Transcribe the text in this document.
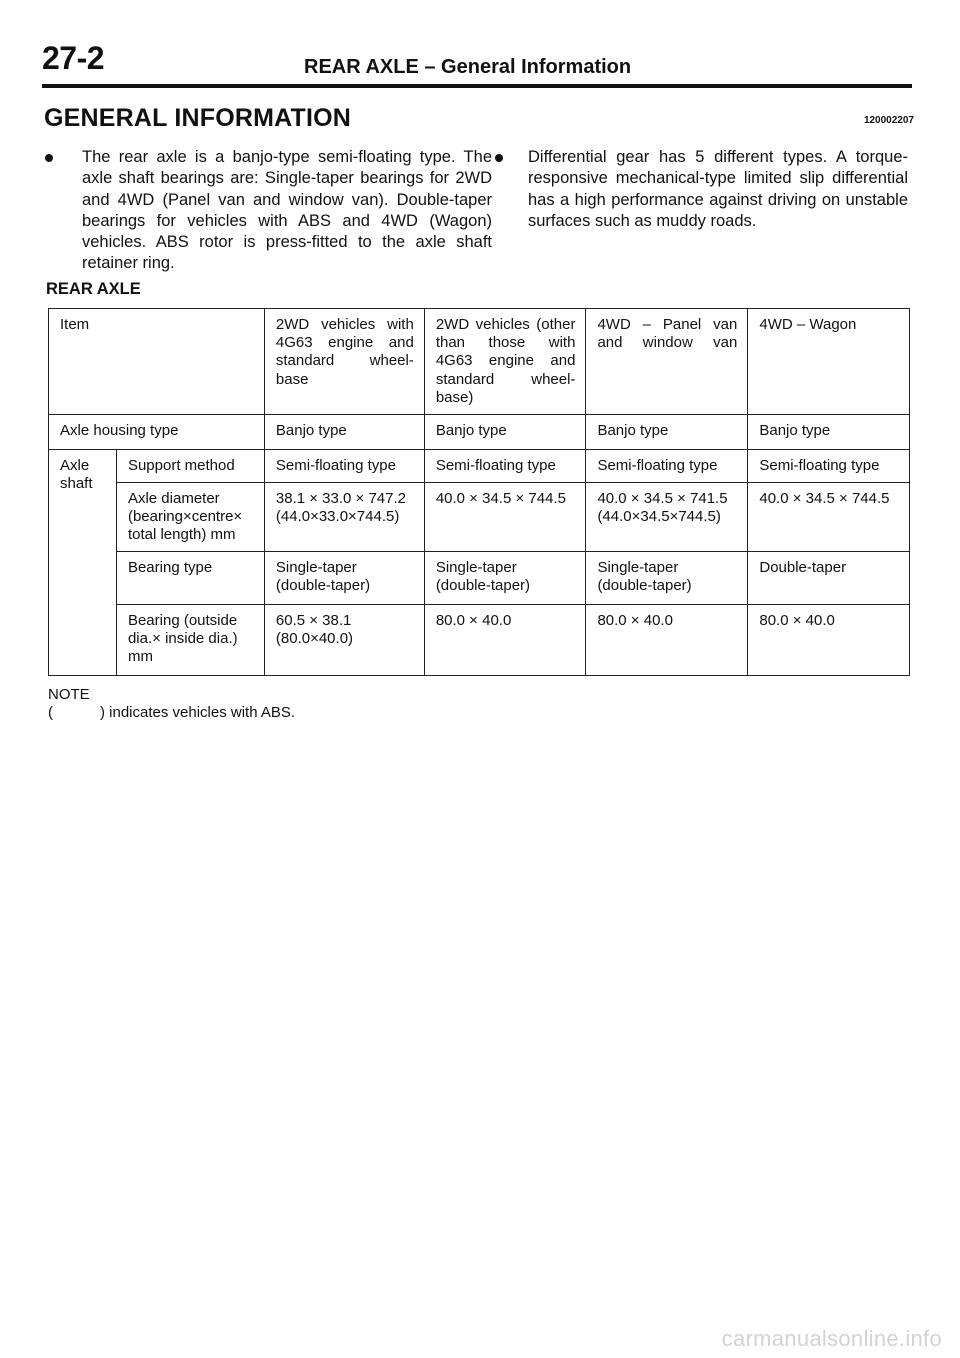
27-2	REAR AXLE – General Information
GENERAL INFORMATION	120002207
The rear axle is a banjo-type semi-floating type. The axle shaft bearings are: Single-taper bearings for 2WD and 4WD (Panel van and window van). Double-taper bearings for vehicles with ABS and 4WD (Wagon) vehicles. ABS rotor is press-fitted to the axle shaft retainer ring.
Differential gear has 5 different types. A torque-responsive mechanical-type limited slip differential has a high performance against driving on unstable surfaces such as muddy roads.
REAR AXLE
Item		2WD vehicles with 4G63 engine and standard wheel-base	2WD vehicles (other than those with 4G63 engine and standard wheel-base)	4WD – Panel van and window van	4WD – Wagon
Axle housing type		Banjo type	Banjo type	Banjo type	Banjo type
Axle shaft	Support method	Semi-floating type	Semi-floating type	Semi-floating type	Semi-floating type
	Axle diameter (bearing×centre× total length) mm	38.1 × 33.0 × 747.2 (44.0×33.0×744.5)	40.0 × 34.5 × 744.5	40.0 × 34.5 × 741.5 (44.0×34.5×744.5)	40.0 × 34.5 × 744.5
	Bearing type	Single-taper (double-taper)	Single-taper (double-taper)	Single-taper (double-taper)	Double-taper
	Bearing (outside dia.× inside dia.) mm	60.5 × 38.1 (80.0×40.0)	80.0 × 40.0	80.0 × 40.0	80.0 × 40.0
NOTE
(	) indicates vehicles with ABS.
carmanualsonline.info
